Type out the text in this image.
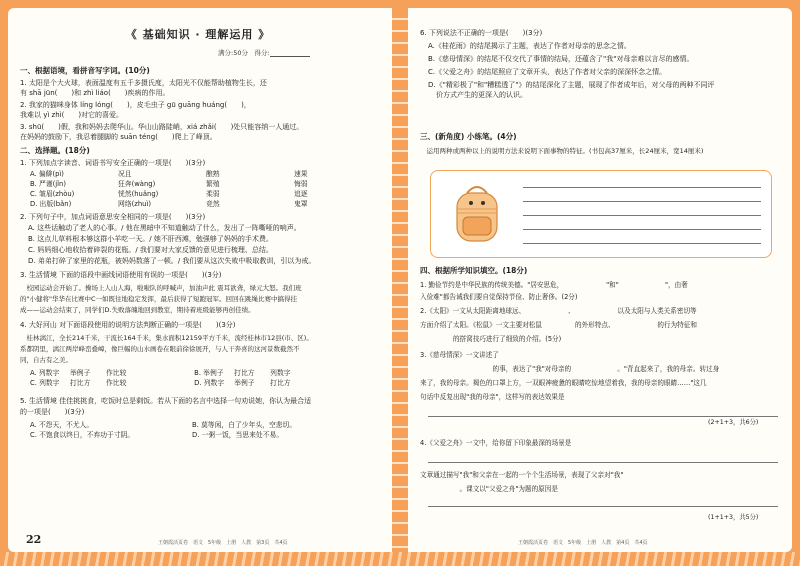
《 基础知识 · 理解运用 》
满分:50分　得分:
一、根据语境，看拼音写字词。(10分)
1. 太阳是个大火球，表面温度有五千多摄氏度，太阳光不仅能帮助植物生长，还
有 shā jūn(　　)和 zhì liáo(　　)疾病的作用。
2. 我家的猫咪身体 líng lóng(　　)，皮毛虫子 gū guāng huáng(　　)，
我难以 yì zhì(　　)对它的喜爱。
3. shū(　　)假，我和妈妈去爬华山。华山山路陡峭，xiá zhǎi(　　)处只能容纳一人通过。
在妈妈的鼓励下，我忍着腿脚的 suān téng(　　)爬上了峰顶。
二、选择题。(18分)
1. 下列加点字读音、词语书写安全正确的一项是(　　)(3分)
A. 偏僻(pì)	况且	酿熟	速果
B. 严谨(jǐn)	狂奔(wàng)	繁殖	悔弱
C. 皱眉(zhòu)	恍然(huǎng)	柔弱	追逐
D. 出版(bǎn)	网络(zhuì)	竞然	鬼罩
2. 下列句子中，加点词语意思安全相同的一项是(　　)(3分)
A. 这些话触动了老人的心事。/ 他在黑暗中不知道触动了什么，发出了一阵嘶哑的响声。
B. 这点儿草料根本够这群小羊吃一天。/ 她不肝西滩，勉强够了妈妈的手术费。
C. 妈妈细心地收拾着碎裂的花瓶。/ 我们要对大家反馈的意见进行梳理、总结。
D. 弟弟打碎了家里的花瓶，被妈妈数落了一顿。/ 我们要从这次失败中吸取教训，引以为戒。
3. 生活情境 下面的语段中画线词语使用有误的一项是(　　)(3分)
　校园运动会开始了。操场上人山人海，啦啦队的呼喊声，加油声此 震耳欲聋，绿元大怒。我们班
的"小健将"华华在比赛中C一如既往地稳定发挥，最后获得了短跑冠军。回回在跳绳比赛中搞得挂
成——运动会结束了，同学们D.失败落魄地回到教室，期待着班级能够再创佳绩。
4. 大好河山 对下面语段使用的说明方法判断正确的一项是(　　)(3分)
　桂林漓江，全长214千米，干流长164千米，集水面积12159平方千米，流经桂林市12县(市、区)。
系都阴里，漓江两岸峰峦叠嶂，像巨幅的山水画卷在眼前徐徐展开，与人干奔喜的这河景数截然不
同，自古有之美。
A. 列数字 举例子 作比较	B. 举例子 打比方 列数字
C. 列数字 打比方 作比较	D. 列数字 举例子 打比方
5. 生活情境 佳佳挑挑食，吃饭时总是剩饭。若从下面的名言中选择一句劝说她，你认为最合适
的一项是(　　)(3分)
A. 不怨天，不尤人。	B. 莫等闲，白了少年头，空悲切。
C. 不饱食以终日，不弃功于寸阴。	D. 一粥一饭，当思来处不易。
22	王朝霞活页卷　语文　5年级　上册　人教　第3页　共4页
6. 下列说法不正确的一项是(　　)(3分)
A.《桂花雨》的结尾揭示了主题，表达了作者对母亲的思念之情。
B.《慈母情深》的结尾不仅交代了事情的结局，还蕴含了"我"对母亲难以言尽的感情。
C.《父爱之舟》的结尾照应了文章开头，表达了作者对父亲的深深怀念之情。
D.《"精彩极了"和"糟糕透了"》的结尾深化了主题，展现了作者成年后，对父母的两种不同评
价方式产生的更深入的认识。
三、(新角度) 小练笔。(4分)
　运用两种或两种以上的说明方法来说明下面事物的特征。(书包高37厘米，长24厘米，宽14厘米)
四、根据所学知识填空。(18分)
1. 勤俭节约是中华民族的传统美德。"居安思危，　　　　　　　"和"　　　　　　　"，由奢
入俭难"都告诫我们要自觉保持节俭、防止奢侈。(2分)
2.《太阳》一文从太阳距离地球远、　　　　　　　、　　　　　　　以及太阳与人类关系密切等
方面介绍了太阳。《松鼠》一文主要对松鼠　　　　　的外形特点、　　　　　　　的行为特征和
　　　　　的搭窝技巧进行了细致的介绍。(5分)
3.《慈母情深》一文讲述了
　　　　　　　　　　　的事，表达了"我"对母亲的　　　　　　　。"背直起来了，我的母亲。转过身
来了，我的母亲。褐色的口罩上方，一双眼神疲惫的眼睛吃惊地望着我，我的母亲的眼睛……"这几
句话中反复出现"我的母亲"，这样写的表达效果是
(2+1+3，共6分)
4.《父爱之舟》一文中，给你留下印象最深的场景是
文章通过描写"我"和父亲在一起的一个个生活场景，表现了父亲对"我"
　　　　　　。课文以"父爱之舟"为题的原因是
(1+1+3，共5分)
王朝霞活页卷　语文　5年级　上册　人教　第4页　共4页
